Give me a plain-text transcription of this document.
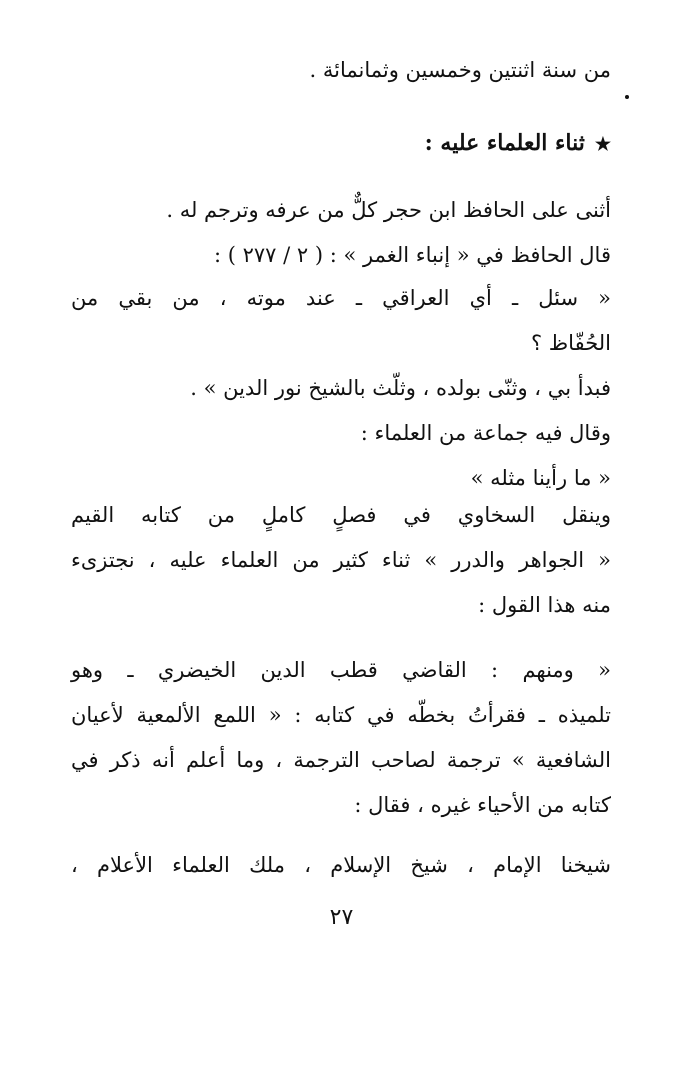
من سنة اثنتين وخمسين وثمانمائة .
★ثناء العلماء عليه :
أثنى على الحافظ ابن حجر كلٌّ من عرفه وترجم له .
قال الحافظ في « إنباء الغمر » : ( ٢ / ٢٧٧ ) :
« سئل ـ أي العراقي ـ عند موته ، من بقي من
الحُفّاظ ؟
فبدأ بي ، وثنّى بولده ، وثلّث بالشيخ نور الدين » .
وقال فيه جماعة من العلماء :
« ما رأينا مثله »
وينقل السخاوي في فصلٍ كاملٍ من كتابه القيم
« الجواهر والدرر » ثناء كثير من العلماء عليه ، نجتزىء
منه هذا القول :
« ومنهم : القاضي قطب الدين الخيضري ـ وهو
تلميذه ـ فقرأتُ بخطّه في كتابه : « اللمع الألمعية لأعيان
الشافعية » ترجمة لصاحب الترجمة ، وما أعلم أنه ذكر في
كتابه من الأحياء غيره ، فقال :
شيخنا الإمام ، شيخ الإسلام ، ملك العلماء الأعلام ،
٢٧
